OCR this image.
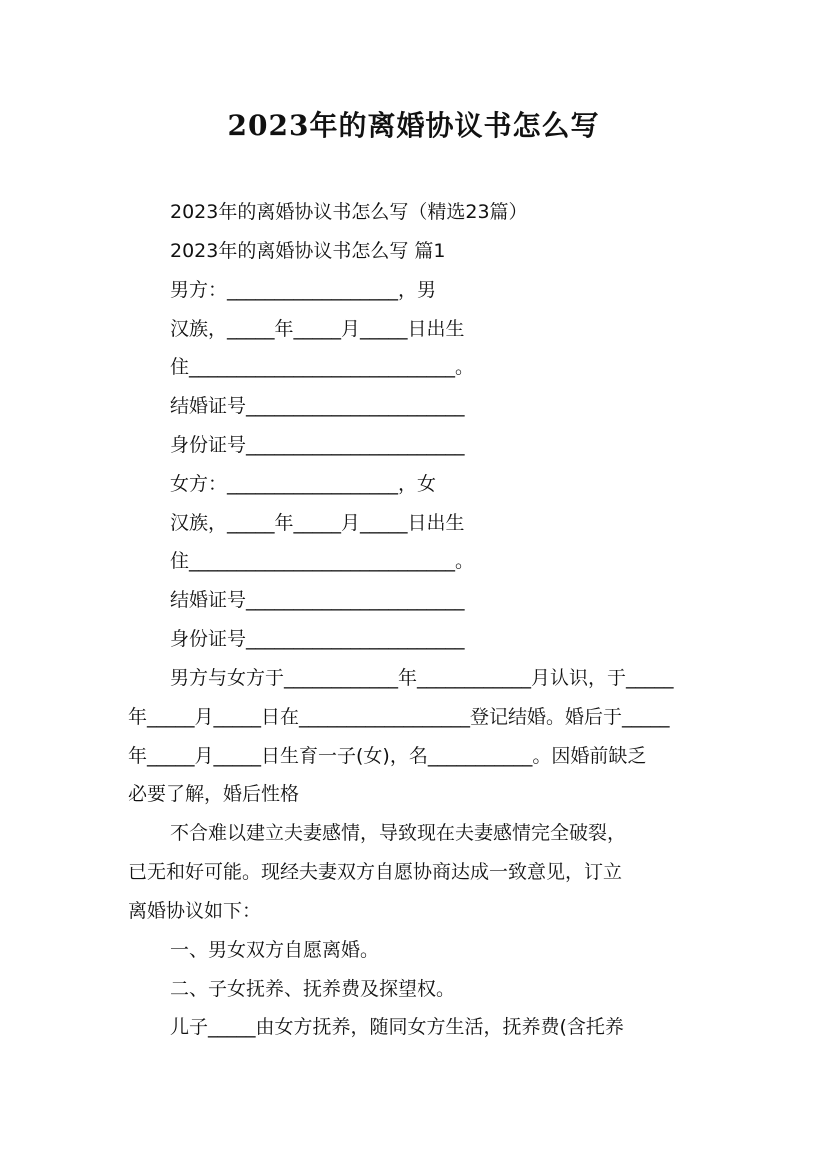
2023年的离婚协议书怎么写
2023年的离婚协议书怎么写（精选23篇）
2023年的离婚协议书怎么写 篇1
男方：__________________，男
汉族，_____年_____月_____日出生
住____________________________。
结婚证号_______________________
身份证号_______________________
女方：__________________，女
汉族，_____年_____月_____日出生
住____________________________。
结婚证号_______________________
身份证号_______________________
男方与女方于____________年____________月认识，于_____
年_____月_____日在__________________登记结婚。婚后于_____
年_____月_____日生育一子(女)，名___________。因婚前缺乏
必要了解，婚后性格
不合难以建立夫妻感情，导致现在夫妻感情完全破裂，
已无和好可能。现经夫妻双方自愿协商达成一致意见，订立
离婚协议如下：
一、男女双方自愿离婚。
二、子女抚养、抚养费及探望权。
儿子_____由女方抚养，随同女方生活，抚养费(含托养
